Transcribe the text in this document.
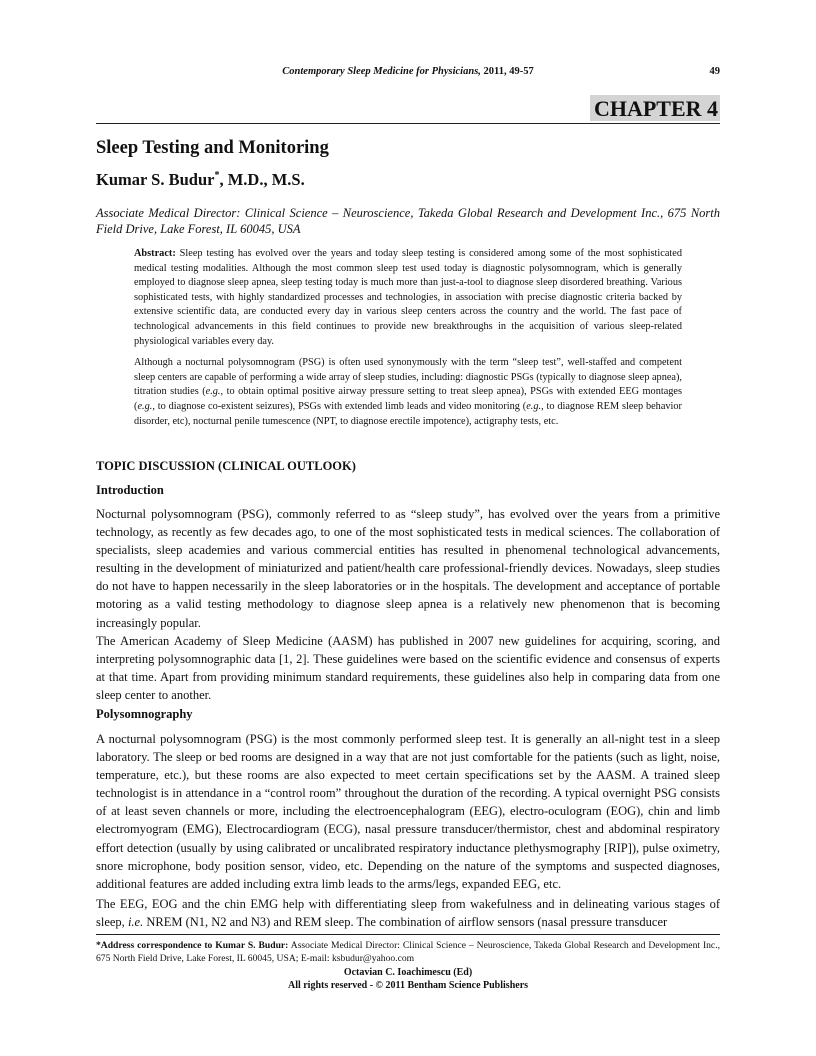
Contemporary Sleep Medicine for Physicians, 2011, 49-57	49
CHAPTER 4
Sleep Testing and Monitoring
Kumar S. Budur*, M.D., M.S.
Associate Medical Director: Clinical Science – Neuroscience, Takeda Global Research and Development Inc., 675 North Field Drive, Lake Forest, IL 60045, USA

Abstract: Sleep testing has evolved over the years and today sleep testing is considered among some of the most sophisticated medical testing modalities. Although the most common sleep test used today is diagnostic polysomnogram, which is generally employed to diagnose sleep apnea, sleep testing today is much more than just-a-tool to diagnose sleep disordered breathing. Various sophisticated tests, with highly standardized processes and technologies, in association with precise diagnostic criteria backed by extensive scientific data, are conducted every day in various sleep centers across the country and the world. The fast pace of technological advancements in this field continues to provide new breakthroughs in the acquisition of various sleep-related physiological variables every day.

Although a nocturnal polysomnogram (PSG) is often used synonymously with the term “sleep test”, well-staffed and competent sleep centers are capable of performing a wide array of sleep studies, including: diagnostic PSGs (typically to diagnose sleep apnea), titration studies (e.g., to obtain optimal positive airway pressure setting to treat sleep apnea), PSGs with extended EEG montages (e.g., to diagnose co-existent seizures), PSGs with extended limb leads and video monitoring (e.g., to diagnose REM sleep behavior disorder, etc), nocturnal penile tumescence (NPT, to diagnose erectile impotence), actigraphy tests, etc.

TOPIC DISCUSSION (CLINICAL OUTLOOK)
Introduction

Nocturnal polysomnogram (PSG), commonly referred to as “sleep study”, has evolved over the years from a primitive technology, as recently as few decades ago, to one of the most sophisticated tests in medical sciences. The collaboration of specialists, sleep academies and various commercial entities has resulted in phenomenal technological advancements, resulting in the development of miniaturized and patient/health care professional-friendly devices. Nowadays, sleep studies do not have to happen necessarily in the sleep laboratories or in the hospitals. The development and acceptance of portable motoring as a valid testing methodology to diagnose sleep apnea is a relatively new phenomenon that is becoming increasingly popular.

The American Academy of Sleep Medicine (AASM) has published in 2007 new guidelines for acquiring, scoring, and interpreting polysomnographic data [1, 2]. These guidelines were based on the scientific evidence and consensus of experts at that time. Apart from providing minimum standard requirements, these guidelines also help in comparing data from one sleep center to another.

Polysomnography

A nocturnal polysomnogram (PSG) is the most commonly performed sleep test. It is generally an all-night test in a sleep laboratory. The sleep or bed rooms are designed in a way that are not just comfortable for the patients (such as light, noise, temperature, etc.), but these rooms are also expected to meet certain specifications set by the AASM. A trained sleep technologist is in attendance in a “control room” throughout the duration of the recording. A typical overnight PSG consists of at least seven channels or more, including the electroencephalogram (EEG), electro-oculogram (EOG), chin and limb electromyogram (EMG), Electrocardiogram (ECG), nasal pressure transducer/thermistor, chest and abdominal respiratory effort detection (usually by using calibrated or uncalibrated respiratory inductance plethysmography [RIP]), pulse oximetry, snore microphone, body position sensor, video, etc. Depending on the nature of the symptoms and suspected diagnoses, additional features are added including extra limb leads to the arms/legs, expanded EEG, etc.

The EEG, EOG and the chin EMG help with differentiating sleep from wakefulness and in delineating various stages of sleep, i.e. NREM (N1, N2 and N3) and REM sleep. The combination of airflow sensors (nasal pressure transducer

*Address correspondence to Kumar S. Budur: Associate Medical Director: Clinical Science – Neuroscience, Takeda Global Research and Development Inc., 675 North Field Drive, Lake Forest, IL 60045, USA; E-mail: ksbudur@yahoo.com
Octavian C. Ioachimescu (Ed)
All rights reserved - © 2011 Bentham Science Publishers
